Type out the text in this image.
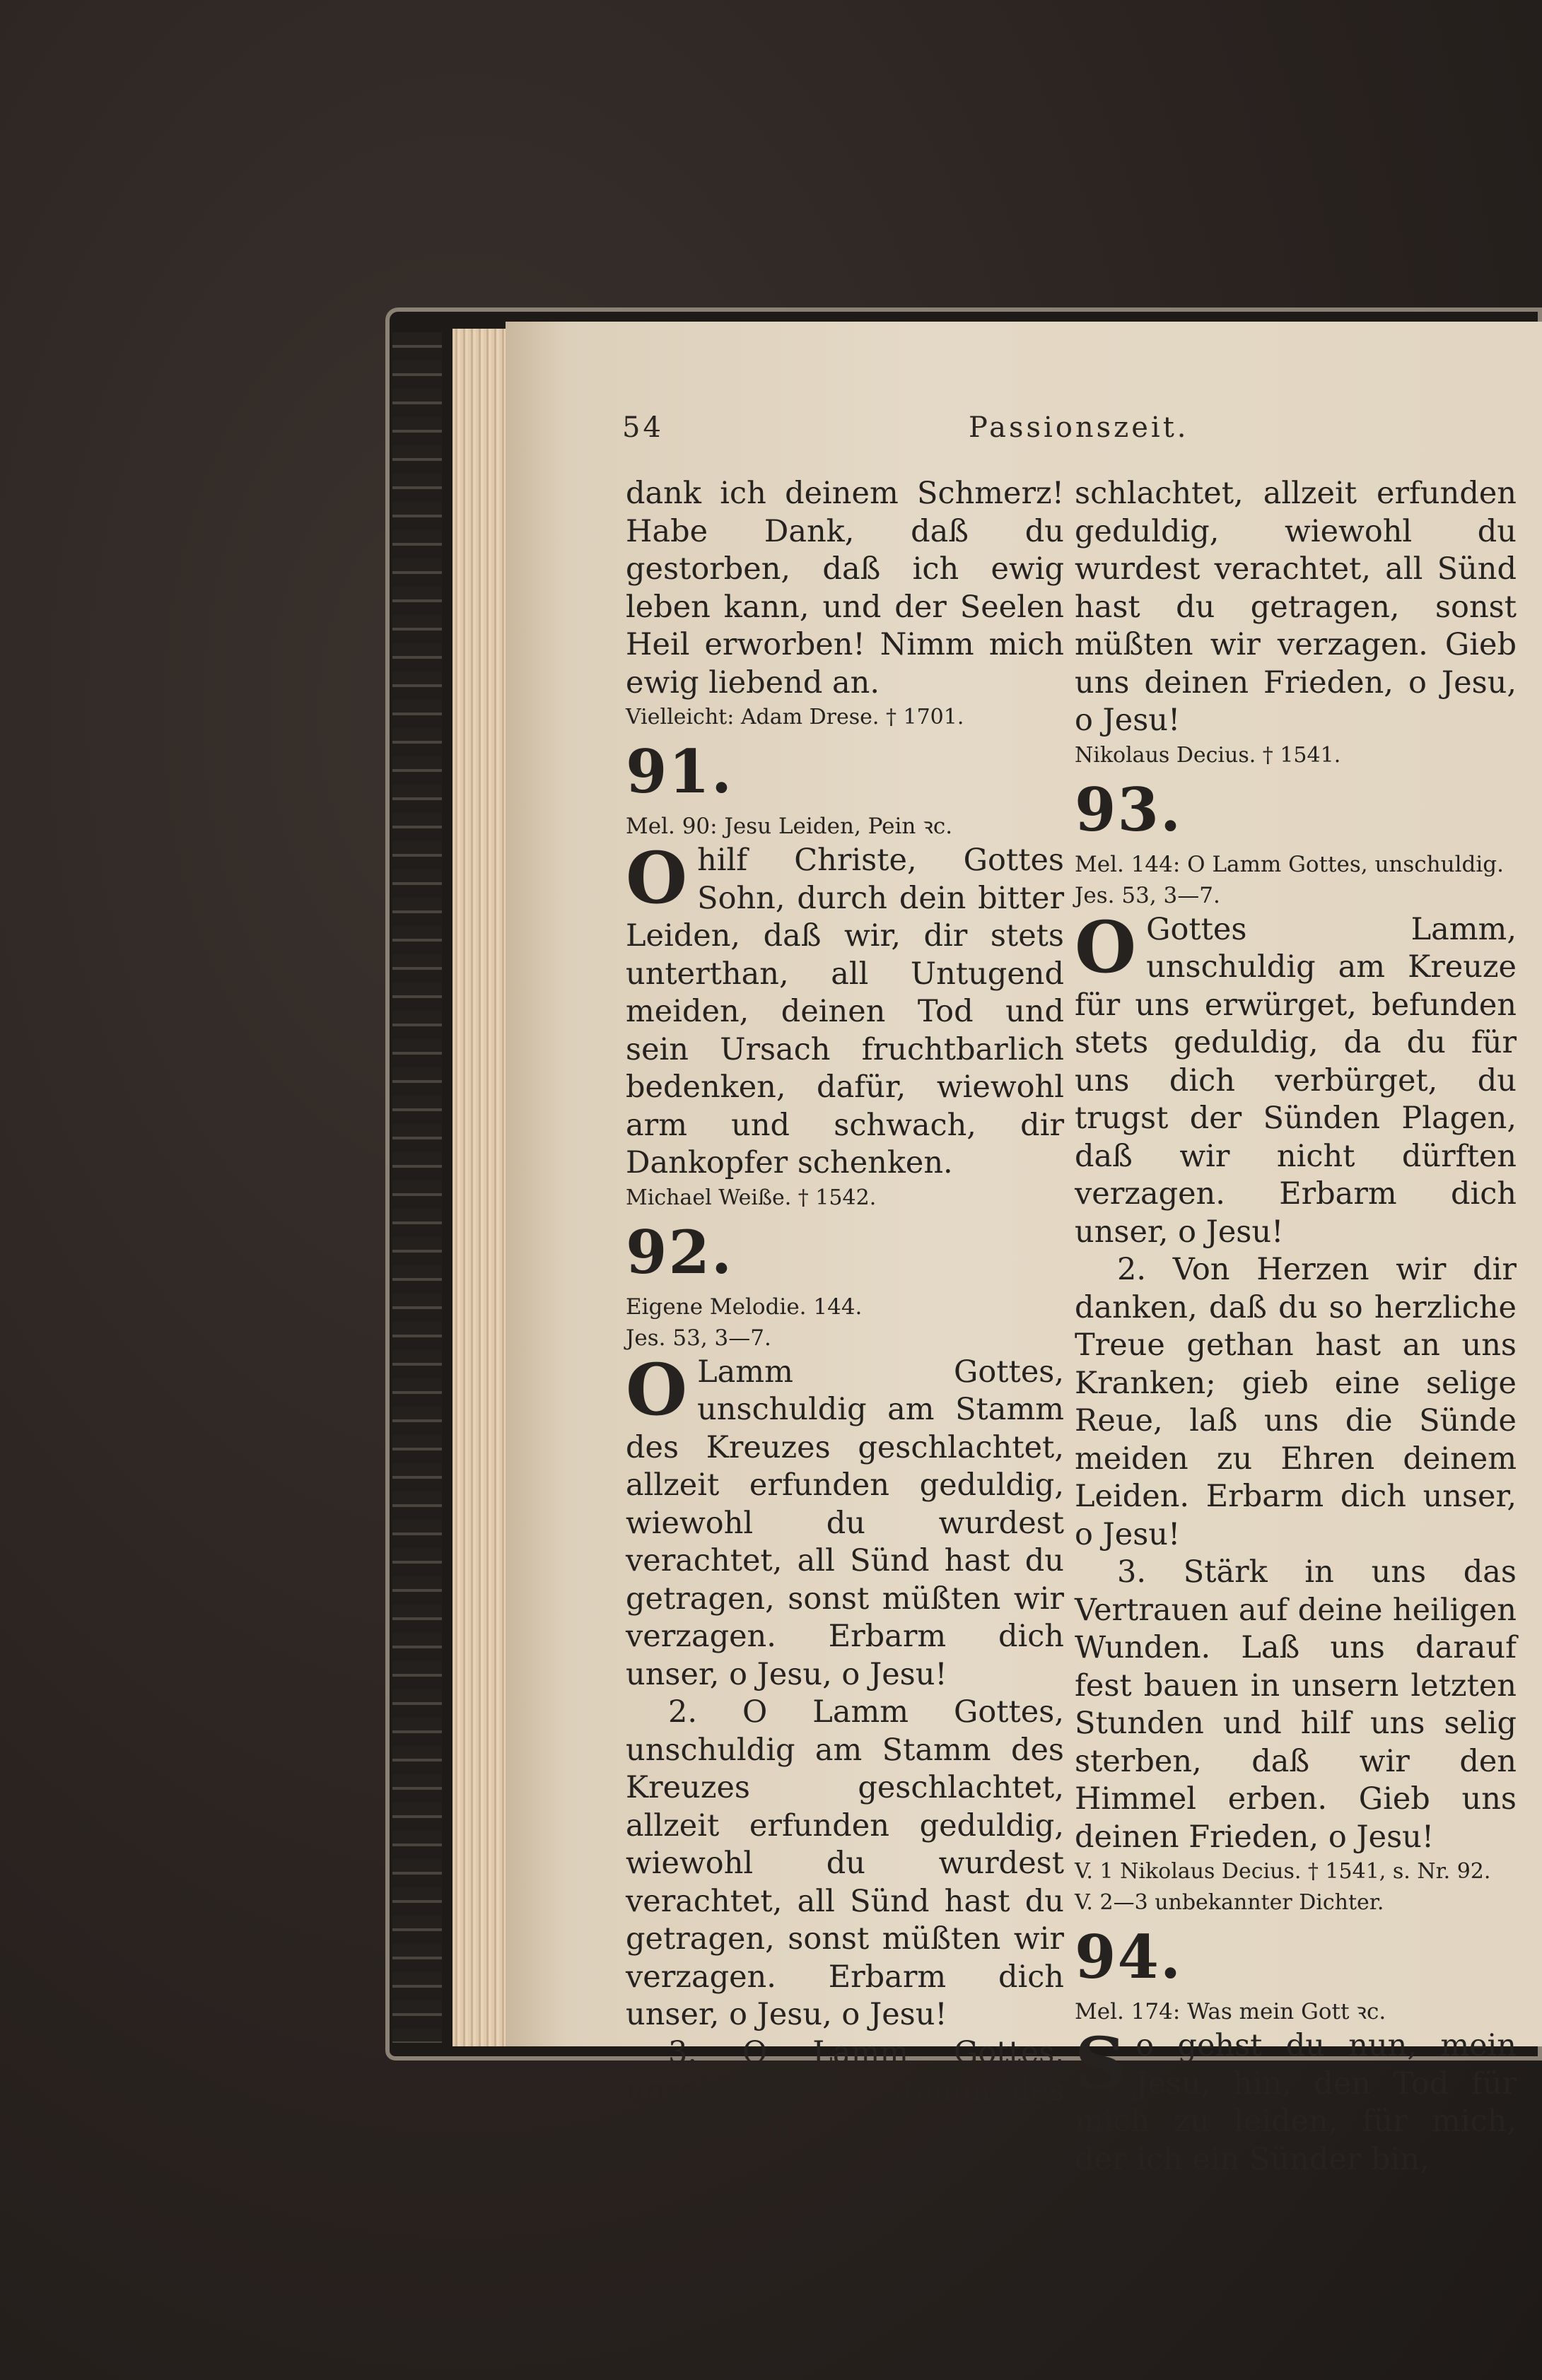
54	Passionszeit.

dank ich deinem Schmerz! Habe Dank, daß du gestorben, daß ich ewig leben kann, und der Seelen Heil erworben! Nimm mich ewig liebend an.

Vielleicht: Adam Drese. † 1701.

91.

Mel. 90: Jesu Leiden, Pein ꝛc.

Ohilf Christe, Gottes Sohn, durch dein bitter Leiden, daß wir, dir stets unterthan, all Untugend meiden, deinen Tod und sein Ursach fruchtbarlich bedenken, dafür, wiewohl arm und schwach, dir Dankopfer schenken.

Michael Weiße. † 1542.

92.

Eigene Melodie. 144.

Jes. 53, 3—7.

O Lamm Gottes, unschuldig am Stamm des Kreuzes geschlachtet, allzeit erfunden geduldig, wiewohl du wurdest verachtet, all Sünd hast du getragen, sonst müßten wir verzagen. Erbarm dich unser, o Jesu, o Jesu!

2. O Lamm Gottes, unschuldig am Stamm des Kreuzes geschlachtet, allzeit erfunden geduldig, wiewohl du wurdest verachtet, all Sünd hast du getragen, sonst müßten wir verzagen. Erbarm dich unser, o Jesu, o Jesu!

3. O Lamm Gottes, unschuldig am Stamm des Kreuzes ge-

schlachtet, allzeit erfunden geduldig, wiewohl du wurdest verachtet, all Sünd hast du getragen, sonst müßten wir verzagen. Gieb uns deinen Frieden, o Jesu, o Jesu!

Nikolaus Decius. † 1541.

93.

Mel. 144: O Lamm Gottes, unschuldig.

Jes. 53, 3—7.

O Gottes Lamm, unschuldig am Kreuze für uns erwürget, befunden stets geduldig, da du für uns dich verbürget, du trugst der Sünden Plagen, daß wir nicht dürften verzagen. Erbarm dich unser, o Jesu!

2. Von Herzen wir dir danken, daß du so herzliche Treue gethan hast an uns Kranken; gieb eine selige Reue, laß uns die Sünde meiden zu Ehren deinem Leiden. Erbarm dich unser, o Jesu!

3. Stärk in uns das Vertrauen auf deine heiligen Wunden. Laß uns darauf fest bauen in unsern letzten Stunden und hilf uns selig sterben, daß wir den Himmel erben. Gieb uns deinen Frieden, o Jesu!

V. 1 Nikolaus Decius. † 1541, s. Nr. 92.

V. 2—3 unbekannter Dichter.

94.

Mel. 174: Was mein Gott ꝛc.

So gehst du nun, mein Jesu, hin, den Tod für mich zu leiden, für mich, der ich ein Sünder bin,
